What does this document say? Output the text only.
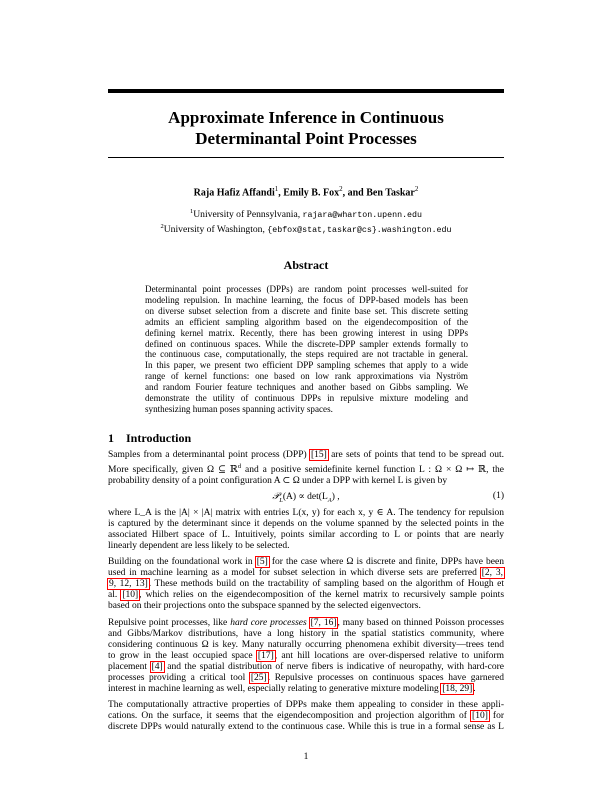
Approximate Inference in Continuous
Determinantal Point Processes
Raja Hafiz Affandi$^1$, Emily B. Fox$^2$, and Ben Taskar$^2$
$^1$University of Pennsylvania, rajara@wharton.upenn.edu
$^2$University of Washington, {ebfox@stat,taskar@cs}.washington.edu
Abstract
Determinantal point processes (DPPs) are random point processes well-suited for
modeling repulsion. In machine learning, the focus of DPP-based models has been
on diverse subset selection from a discrete and finite base set. This discrete setting
admits an efficient sampling algorithm based on the eigendecomposition of the
defining kernel matrix. Recently, there has been growing interest in using DPPs
defined on continuous spaces. While the discrete-DPP sampler extends formally to
the continuous case, computationally, the steps required are not tractable in general.
In this paper, we present two efficient DPP sampling schemes that apply to a wide
range of kernel functions: one based on low rank approximations via Nyström
and random Fourier feature techniques and another based on Gibbs sampling. We
demonstrate the utility of continuous DPPs in repulsive mixture modeling and
synthesizing human poses spanning activity spaces.
1 Introduction
Samples from a determinantal point process (DPP) [15] are sets of points that tend to be spread out.
More specifically, given Ω ⊆ ℝ$^d$ and a positive semidefinite kernel function L : Ω × Ω ↦ ℝ, the
probability density of a point configuration A ⊂ Ω under a DPP with kernel L is given by
𝒫$_L$(A) ∝ $\det(L_A)$ ,	(1)
where L_A is the |A| × |A| matrix with entries L(x, y) for each x, y ∈ A. The tendency for repulsion
is captured by the determinant since it depends on the volume spanned by the selected points in the
associated Hilbert space of L. Intuitively, points similar according to L or points that are nearly
linearly dependent are less likely to be selected.
Building on the foundational work in [5] for the case where Ω is discrete and finite, DPPs have been
used in machine learning as a model for subset selection in which diverse sets are preferred [2, 3,
9, 12, 13]. These methods build on the tractability of sampling based on the algorithm of Hough et
al. [10], which relies on the eigendecomposition of the kernel matrix to recursively sample points
based on their projections onto the subspace spanned by the selected eigenvectors.
Repulsive point processes, like hard core processes [7, 16], many based on thinned Poisson processes
and Gibbs/Markov distributions, have a long history in the spatial statistics community, where
considering continuous Ω is key. Many naturally occurring phenomena exhibit diversity—trees tend
to grow in the least occupied space [17], ant hill locations are over-dispersed relative to uniform
placement [4] and the spatial distribution of nerve fibers is indicative of neuropathy, with hard-core
processes providing a critical tool [25]. Repulsive processes on continuous spaces have garnered
interest in machine learning as well, especially relating to generative mixture modeling [18, 29].
The computationally attractive properties of DPPs make them appealing to consider in these appli-
cations. On the surface, it seems that the eigendecomposition and projection algorithm of [10] for
discrete DPPs would naturally extend to the continuous case. While this is true in a formal sense as L
1
